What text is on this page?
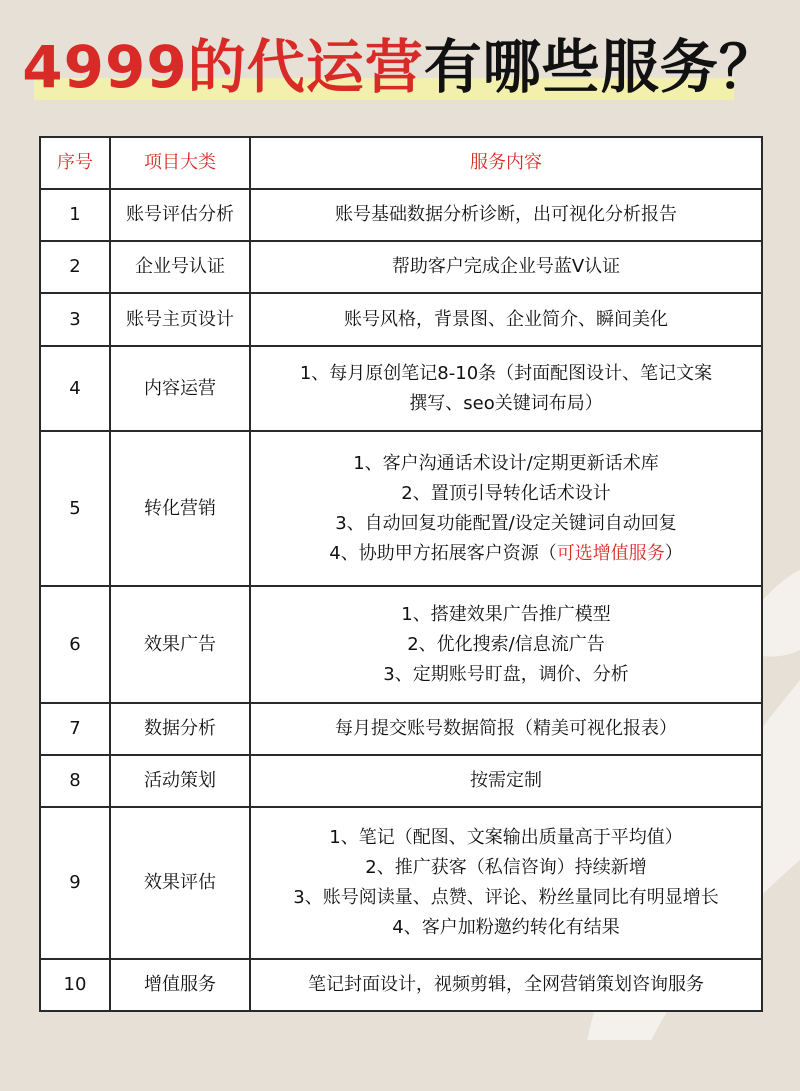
4999的代运营有哪些服务？
序号	项目大类	服务内容
1	账号评估分析	账号基础数据分析诊断，出可视化分析报告

2	企业号认证	帮助客户完成企业号蓝V认证

3	账号主页设计	账号风格，背景图、企业简介、瞬间美化

4	内容运营	1、每月原创笔记8-10条（封面配图设计、笔记文案
撰写、seo关键词布局）

5	转化营销	1、客户沟通话术设计/定期更新话术库
2、置顶引导转化话术设计
3、自动回复功能配置/设定关键词自动回复
4、协助甲方拓展客户资源（可选增值服务）

6	效果广告	1、搭建效果广告推广模型
2、优化搜索/信息流广告
3、定期账号盯盘，调价、分析

7	数据分析	每月提交账号数据简报（精美可视化报表）

8	活动策划	按需定制

9	效果评估	1、笔记（配图、文案输出质量高于平均值）
2、推广获客（私信咨询）持续新增
3、账号阅读量、点赞、评论、粉丝量同比有明显增长
4、客户加粉邀约转化有结果

10	增值服务	笔记封面设计，视频剪辑，全网营销策划咨询服务
